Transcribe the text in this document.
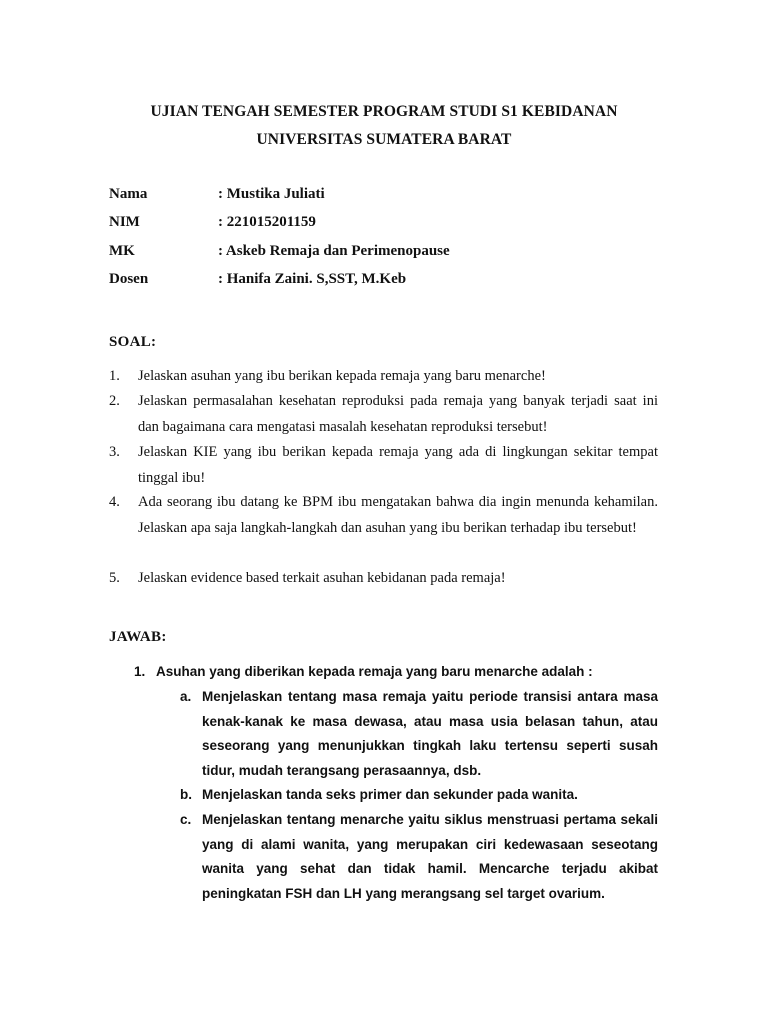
UJIAN TENGAH SEMESTER PROGRAM STUDI S1 KEBIDANAN
UNIVERSITAS SUMATERA BARAT
Nama	: Mustika Juliati
NIM	: 221015201159
MK	: Askeb Remaja dan Perimenopause
Dosen	: Hanifa Zaini. S,SST, M.Keb
SOAL:
1. Jelaskan asuhan yang ibu berikan kepada remaja yang baru menarche!
2. Jelaskan permasalahan kesehatan reproduksi pada remaja yang banyak terjadi saat ini dan bagaimana cara mengatasi masalah kesehatan reproduksi tersebut!
3. Jelaskan KIE yang ibu berikan kepada remaja yang ada di lingkungan sekitar tempat tinggal ibu!
4. Ada seorang ibu datang ke BPM ibu mengatakan bahwa dia ingin menunda kehamilan. Jelaskan apa saja langkah-langkah dan asuhan yang ibu berikan terhadap ibu tersebut!
5. Jelaskan evidence based terkait asuhan kebidanan pada remaja!
JAWAB:
1. Asuhan yang diberikan kepada remaja yang baru menarche adalah :
a. Menjelaskan tentang masa remaja yaitu periode transisi antara masa kenak-kanak ke masa dewasa, atau masa usia belasan tahun, atau seseorang yang menunjukkan tingkah laku tertensu seperti susah tidur, mudah terangsang perasaannya, dsb.
b. Menjelaskan tanda seks primer dan sekunder pada wanita.
c. Menjelaskan tentang menarche yaitu siklus menstruasi pertama sekali yang di alami wanita, yang merupakan ciri kedewasaan seseotang wanita yang sehat dan tidak hamil. Mencarche terjadu akibat peningkatan FSH dan LH yang merangsang sel target ovarium.
